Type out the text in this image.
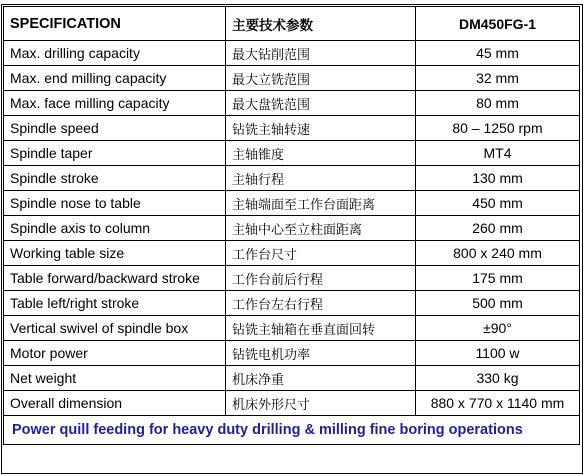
SPECIFICATION	主要技术参数	DM450FG-1
Max. drilling capacity	最大钻削范围	45 mm
Max. end milling capacity	最大立铣范围	32 mm
Max. face milling capacity	最大盘铣范围	80 mm
Spindle speed	钻铣主轴转速	80 – 1250 rpm
Spindle taper	主轴锥度	MT4
Spindle stroke	主轴行程	130 mm
Spindle nose to table	主轴端面至工作台面距离	450 mm
Spindle axis to column	主轴中心至立柱面距离	260 mm
Working table size	工作台尺寸	800 x 240 mm
Table forward/backward stroke	工作台前后行程	175 mm
Table left/right stroke	工作台左右行程	500 mm
Vertical swivel of spindle box	钻铣主轴箱在垂直面回转	±90°
Motor power	钻铣电机功率	1100 w
Net weight	机床净重	330 kg
Overall dimension	机床外形尺寸	880 x 770 x 1140 mm
Power quill feeding for heavy duty drilling & milling fine boring operations		
